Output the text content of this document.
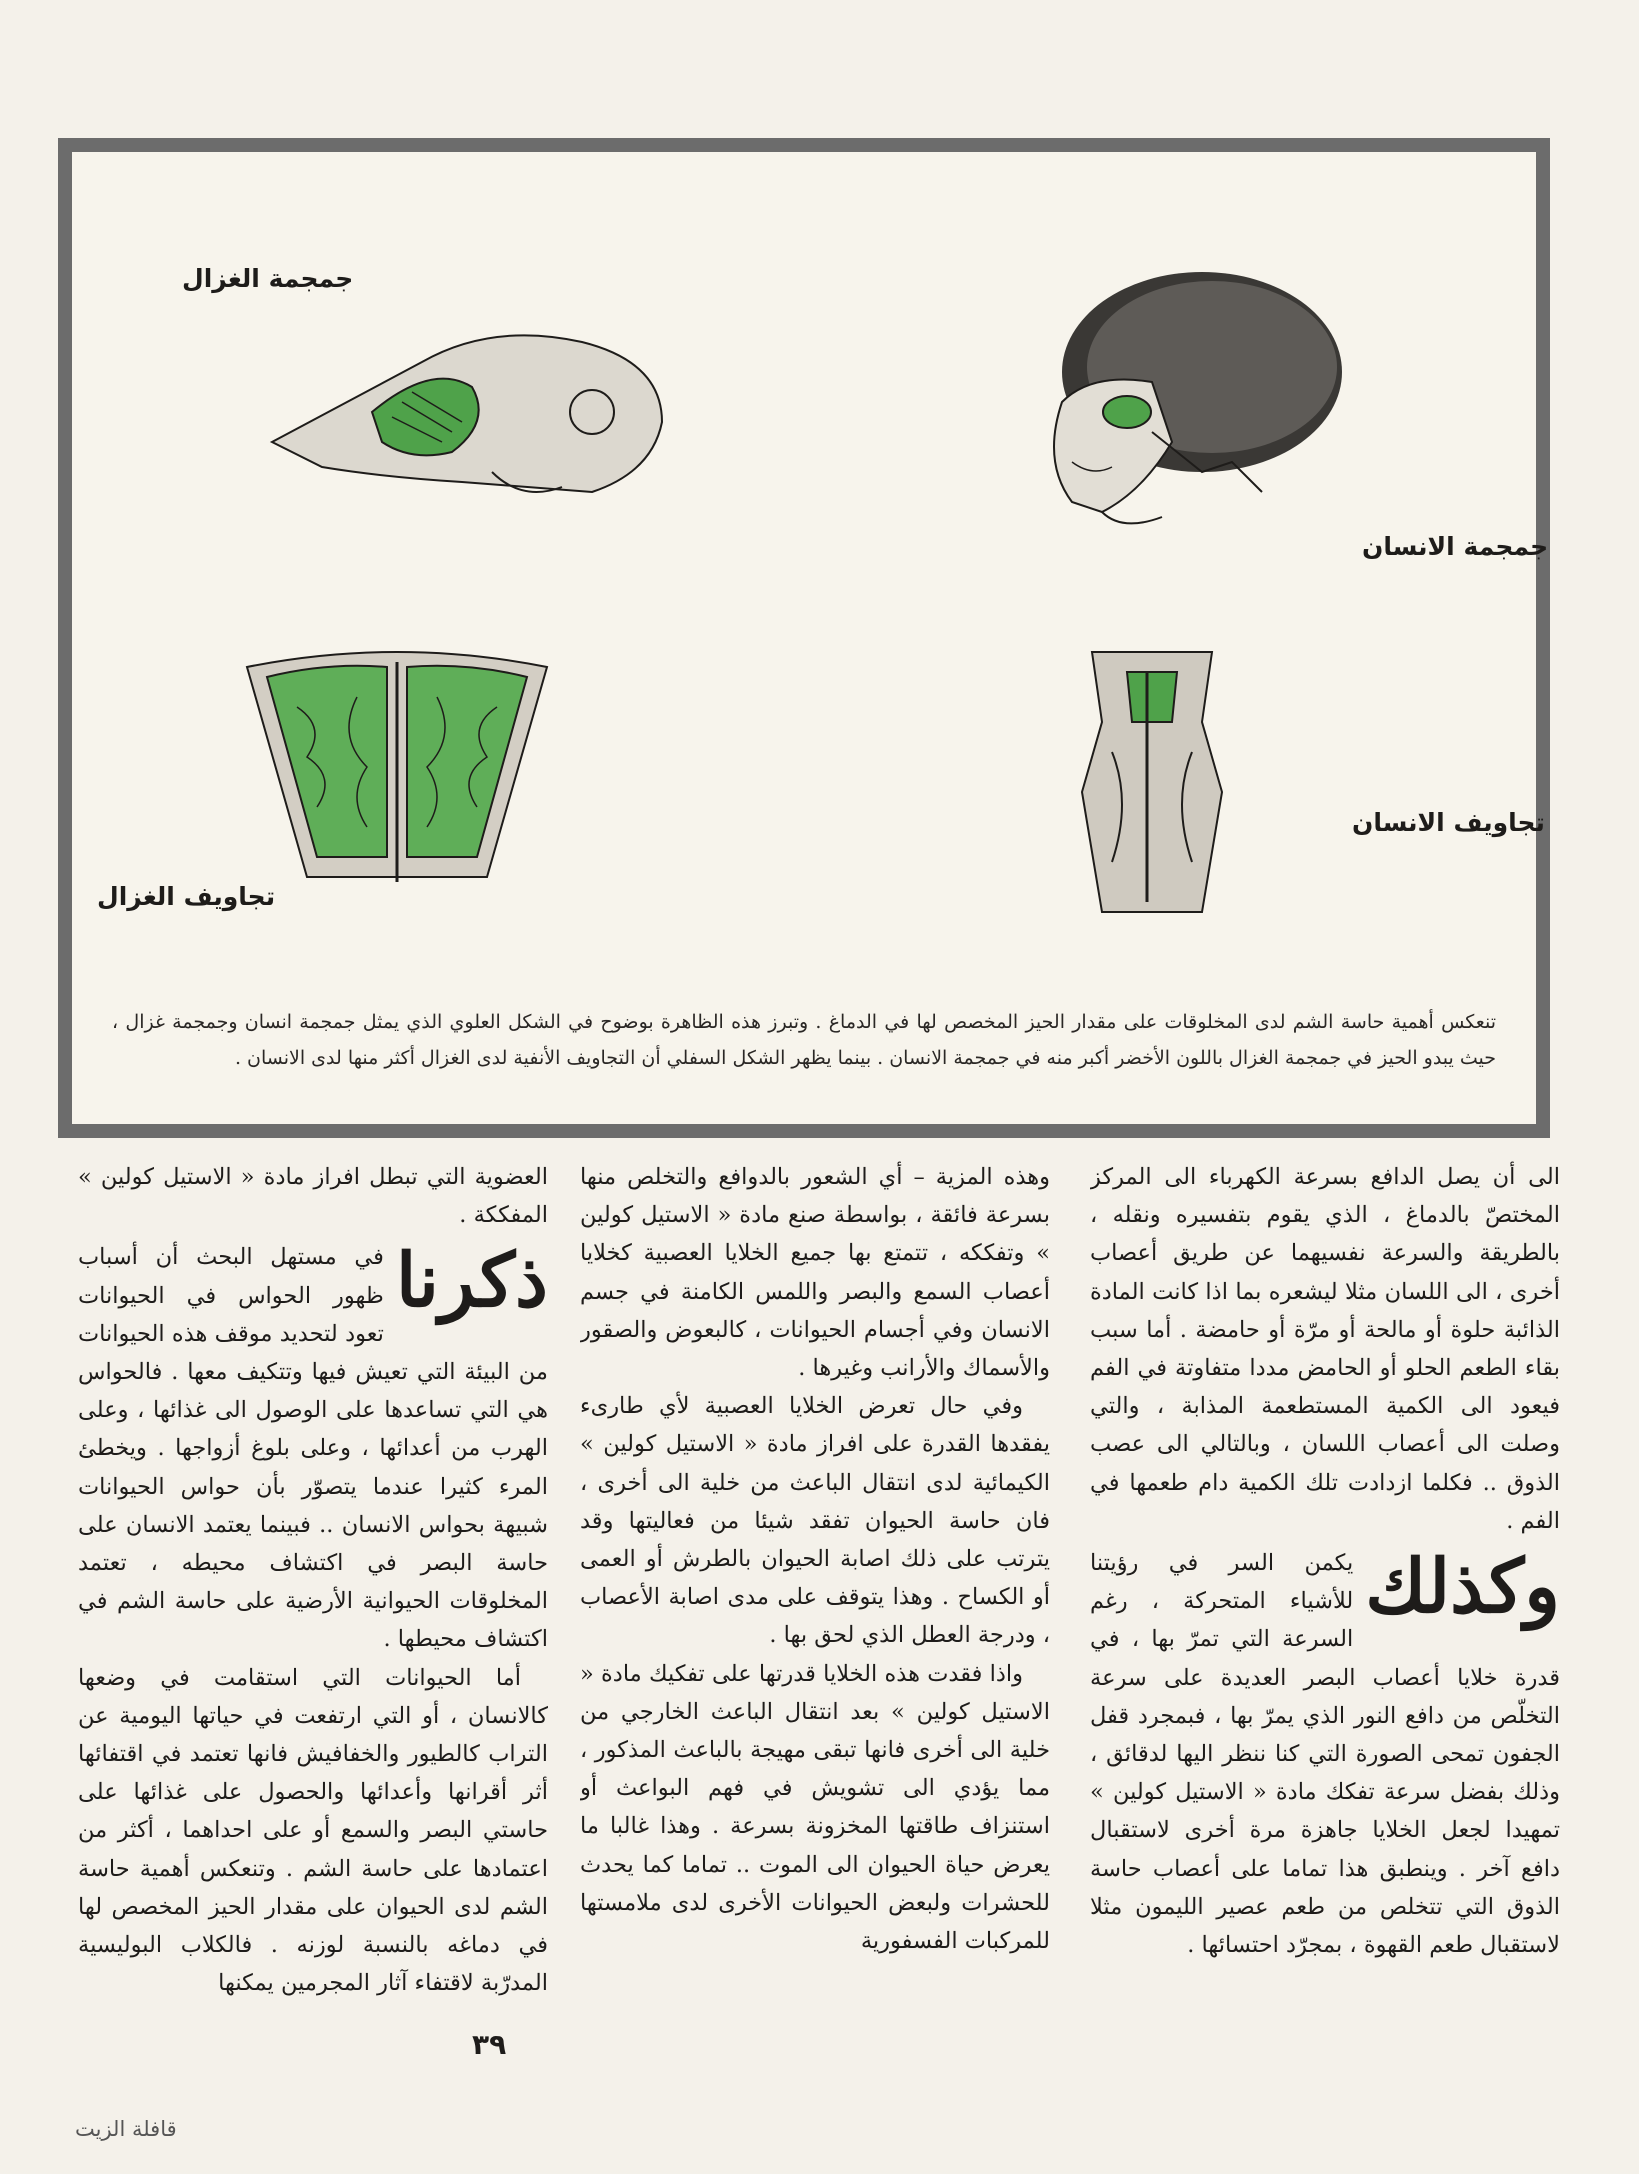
جمجمة الغزال
جمجمة الانسان
تجاويف الانسان
تجاويف الغزال
تنعكس أهمية حاسة الشم لدى المخلوقات على مقدار الحيز المخصص لها في الدماغ . وتبرز هذه الظاهرة بوضوح في الشكل العلوي الذي يمثل جمجمة انسان وجمجمة غزال ، حيث يبدو الحيز في جمجمة الغزال باللون الأخضر أكبر منه في جمجمة الانسان . بينما يظهر الشكل السفلي أن التجاويف الأنفية لدى الغزال أكثر منها لدى الانسان .

الى أن يصل الدافع بسرعة الكهرباء الى المركز المختصّ بالدماغ ، الذي يقوم بتفسيره ونقله ، بالطريقة والسرعة نفسيهما عن طريق أعصاب أخرى ، الى اللسان مثلا ليشعره بما اذا كانت المادة الذائبة حلوة أو مالحة أو مرّة أو حامضة . أما سبب بقاء الطعم الحلو أو الحامض مددا متفاوتة في الفم فيعود الى الكمية المستطعمة المذابة ، والتي وصلت الى أعصاب اللسان ، وبالتالي الى عصب الذوق .. فكلما ازدادت تلك الكمية دام طعمها في الفم .

وكذلك
يكمن السر في رؤيتنا للأشياء المتحركة ، رغم السرعة التي تمرّ بها ، في قدرة خلايا أعصاب البصر العديدة على سرعة التخلّص من دافع النور الذي يمرّ بها ، فبمجرد قفل الجفون تمحى الصورة التي كنا ننظر اليها لدقائق ، وذلك بفضل سرعة تفكك مادة « الاستيل كولين » تمهيدا لجعل الخلايا جاهزة مرة أخرى لاستقبال دافع آخر . وينطبق هذا تماما على أعصاب حاسة الذوق التي تتخلص من طعم عصير الليمون مثلا لاستقبال طعم القهوة ، بمجرّد احتسائها .

وهذه المزية – أي الشعور بالدوافع والتخلص منها بسرعة فائقة ، بواسطة صنع مادة « الاستيل كولين » وتفككه ، تتمتع بها جميع الخلايا العصبية كخلايا أعصاب السمع والبصر واللمس الكامنة في جسم الانسان وفي أجسام الحيوانات ، كالبعوض والصقور والأسماك والأرانب وغيرها .

وفي حال تعرض الخلايا العصبية لأي طارىء يفقدها القدرة على افراز مادة « الاستيل كولين » الكيمائية لدى انتقال الباعث من خلية الى أخرى ، فان حاسة الحيوان تفقد شيئا من فعاليتها وقد يترتب على ذلك اصابة الحيوان بالطرش أو العمى أو الكساح . وهذا يتوقف على مدى اصابة الأعصاب ، ودرجة العطل الذي لحق بها .

واذا فقدت هذه الخلايا قدرتها على تفكيك مادة « الاستيل كولين » بعد انتقال الباعث الخارجي من خلية الى أخرى فانها تبقى مهيجة بالباعث المذكور ، مما يؤدي الى تشويش في فهم البواعث أو استنزاف طاقتها المخزونة بسرعة . وهذا غالبا ما يعرض حياة الحيوان الى الموت .. تماما كما يحدث للحشرات ولبعض الحيوانات الأخرى لدى ملامستها للمركبات الفسفورية

العضوية التي تبطل افراز مادة « الاستيل كولين » المفككة .

ذكرنا
في مستهل البحث أن أسباب ظهور الحواس في الحيوانات تعود لتحديد موقف هذه الحيوانات من البيئة التي تعيش فيها وتتكيف معها . فالحواس هي التي تساعدها على الوصول الى غذائها ، وعلى الهرب من أعدائها ، وعلى بلوغ أزواجها . ويخطئ المرء كثيرا عندما يتصوّر بأن حواس الحيوانات شبيهة بحواس الانسان .. فبينما يعتمد الانسان على حاسة البصر في اكتشاف محيطه ، تعتمد المخلوقات الحيوانية الأرضية على حاسة الشم في اكتشاف محيطها .

أما الحيوانات التي استقامت في وضعها كالانسان ، أو التي ارتفعت في حياتها اليومية عن التراب كالطيور والخفافيش فانها تعتمد في اقتفائها أثر أقرانها وأعدائها والحصول على غذائها على حاستي البصر والسمع أو على احداهما ، أكثر من اعتمادها على حاسة الشم . وتنعكس أهمية حاسة الشم لدى الحيوان على مقدار الحيز المخصص لها في دماغه بالنسبة لوزنه . فالكلاب البوليسية المدرّبة لاقتفاء آثار المجرمين يمكنها

٣٩
قافلة الزيت
